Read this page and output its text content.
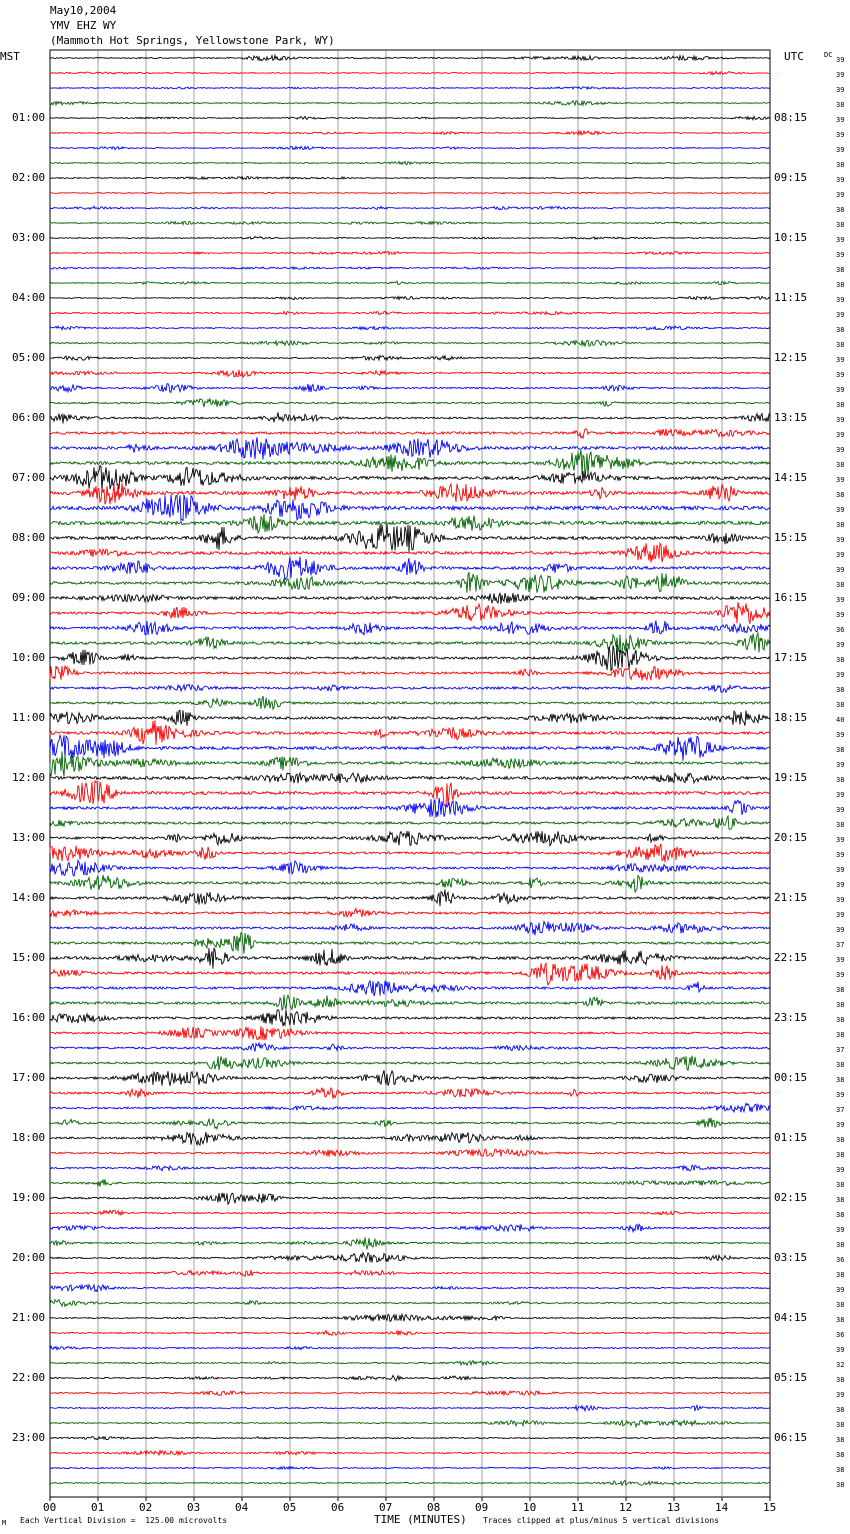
May10,2004
YMV EHZ WY
(Mammoth Hot Springs, Yellowstone Park, WY)
MST	UTC	DC
00	01	02	03	04	05	06	07	08	09	10	11	12	13	14	15
01:00
02:00
03:00
04:00
05:00
06:00
07:00
08:00
09:00
10:00
11:00
12:00
13:00
14:00
15:00
16:00
17:00
18:00
19:00
20:00
21:00
22:00
23:00
08:15
09:15
10:15
11:15
12:15
13:15
14:15
15:15
16:15
17:15
18:15
19:15
20:15
21:15
22:15
23:15
00:15
01:15
02:15
03:15
04:15
05:15
06:15
39
39
39
38
39
39
39
38
39
39
38
38
39
39
38
38
39
39
38
38
39
39
39
38
39
39
39
38
39
38
39
38
39
39
39
38
39
39
36
39
38
39
38
38
40
39
38
39
38
39
39
38
39
39
39
39
39
39
39
37
39
39
38
38
38
38
37
38
38
39
37
39
38
38
39
38
38
38
39
38
36
38
39
38
38
36
39
32
38
39
38
38
38
38
38
38
M Each Vertical Division =  125.00 microvolts	TIME (MINUTES) Traces clipped at plus/minus 5 vertical divisions
